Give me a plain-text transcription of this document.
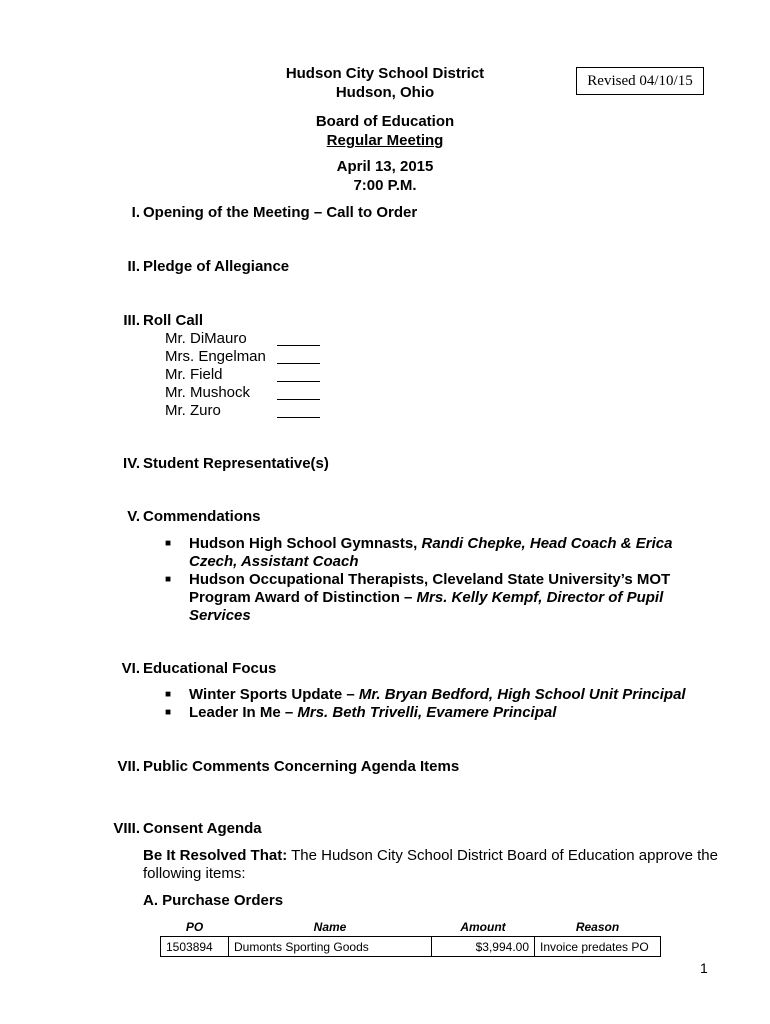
Hudson City School District
Hudson, Ohio
Revised 04/10/15
Board of Education
Regular Meeting
April 13, 2015
7:00 P.M.
I. Opening of the Meeting – Call to Order
II. Pledge of Allegiance
III. Roll Call
Mr. DiMauro
Mrs. Engelman
Mr. Field
Mr. Mushock
Mr. Zuro
IV. Student Representative(s)
V. Commendations
■ Hudson High School Gymnasts, Randi Chepke, Head Coach & Erica Czech, Assistant Coach
■ Hudson Occupational Therapists, Cleveland State University’s MOT Program Award of Distinction – Mrs. Kelly Kempf, Director of Pupil Services
VI. Educational Focus
■ Winter Sports Update – Mr. Bryan Bedford, High School Unit Principal
■ Leader In Me – Mrs. Beth Trivelli, Evamere Principal
VII. Public Comments Concerning Agenda Items
VIII. Consent Agenda
Be It Resolved That: The Hudson City School District Board of Education approve the following items:
A. Purchase Orders
PO	Name	Amount	Reason
1503894	Dumonts Sporting Goods	$3,994.00	Invoice predates PO
1
